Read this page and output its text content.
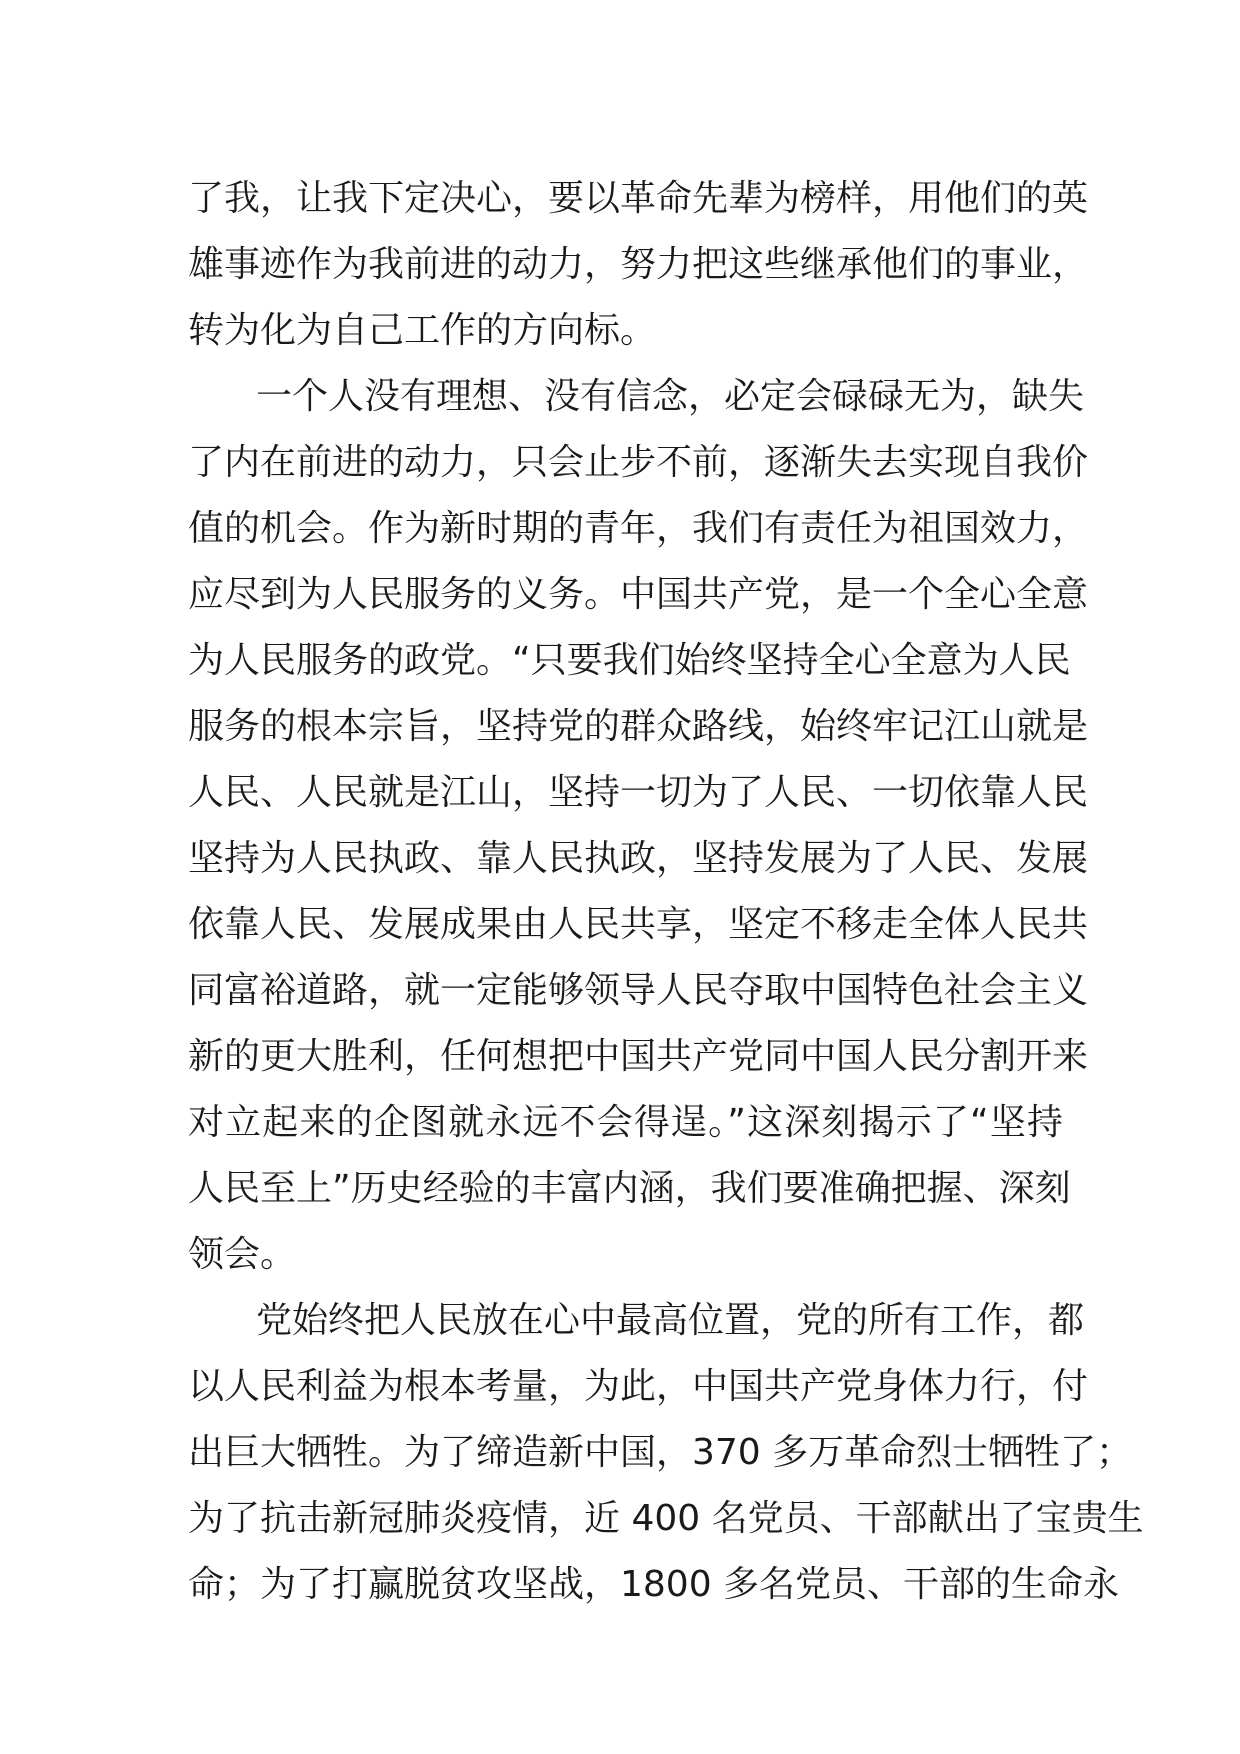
了我，让我下定决心，要以革命先辈为榜样，用他们的英
雄事迹作为我前进的动力，努力把这些继承他们的事业，
转为化为自己工作的方向标。
一个人没有理想、没有信念，必定会碌碌无为，缺失
了内在前进的动力，只会止步不前，逐渐失去实现自我价
值的机会。作为新时期的青年，我们有责任为祖国效力，
应尽到为人民服务的义务。中国共产党，是一个全心全意
为人民服务的政党。“只要我们始终坚持全心全意为人民
服务的根本宗旨，坚持党的群众路线，始终牢记江山就是
人民、人民就是江山，坚持一切为了人民、一切依靠人民
坚持为人民执政、靠人民执政，坚持发展为了人民、发展
依靠人民、发展成果由人民共享，坚定不移走全体人民共
同富裕道路，就一定能够领导人民夺取中国特色社会主义
新的更大胜利，任何想把中国共产党同中国人民分割开来
对立起来的企图就永远不会得逞。”这深刻揭示了“坚持
人民至上”历史经验的丰富内涵，我们要准确把握、深刻
领会。
党始终把人民放在心中最高位置，党的所有工作，都
以人民利益为根本考量，为此，中国共产党身体力行，付
出巨大牺牲。为了缔造新中国，370 多万革命烈士牺牲了；
为了抗击新冠肺炎疫情，近 400 名党员、干部献出了宝贵生
命；为了打赢脱贫攻坚战，1800 多名党员、干部的生命永
